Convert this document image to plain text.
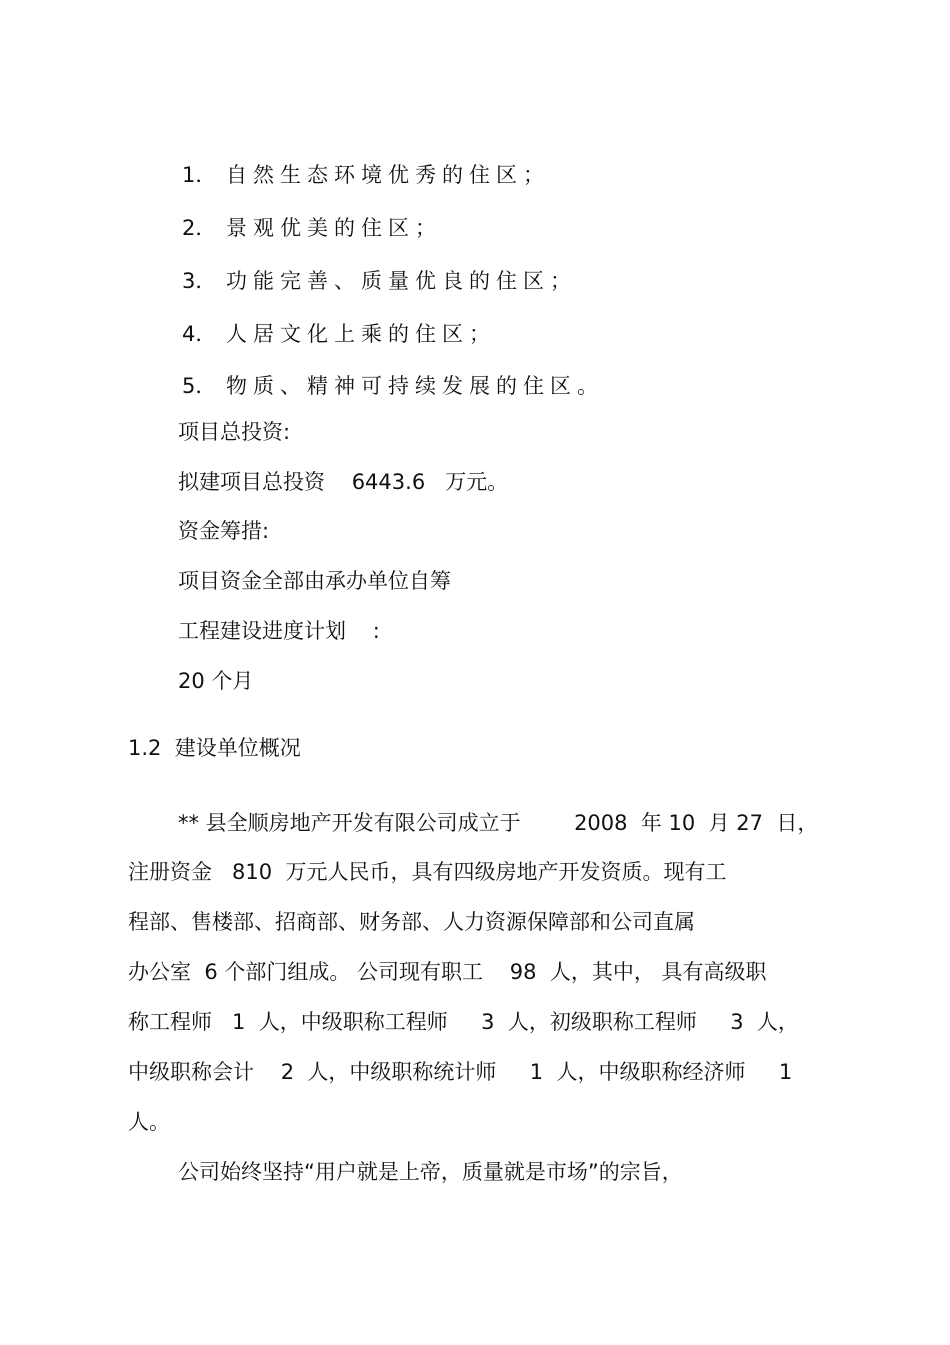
1． 自然生态环境优秀的住区；
2． 景观优美的住区；
3． 功能完善、质量优良的住区；
4． 人居文化上乘的住区；
5． 物质、精神可持续发展的住区。
项目总投资:
拟建项目总投资    6443.6   万元。
资金筹措:
项目资金全部由承办单位自筹
工程建设进度计划    :
20 个月
1.2  建设单位概况
** 县全顺房地产开发有限公司成立于        2008  年 10  月 27  日，
注册资金   810  万元人民币，具有四级房地产开发资质。现有工
程部、售楼部、招商部、财务部、人力资源保障部和公司直属
办公室  6 个部门组成。 公司现有职工    98  人，其中， 具有高级职
称工程师   1  人，中级职称工程师     3  人，初级职称工程师     3  人，
中级职称会计    2  人，中级职称统计师     1  人，中级职称经济师     1
人。
公司始终坚持“用户就是上帝，质量就是市场”的宗旨，
